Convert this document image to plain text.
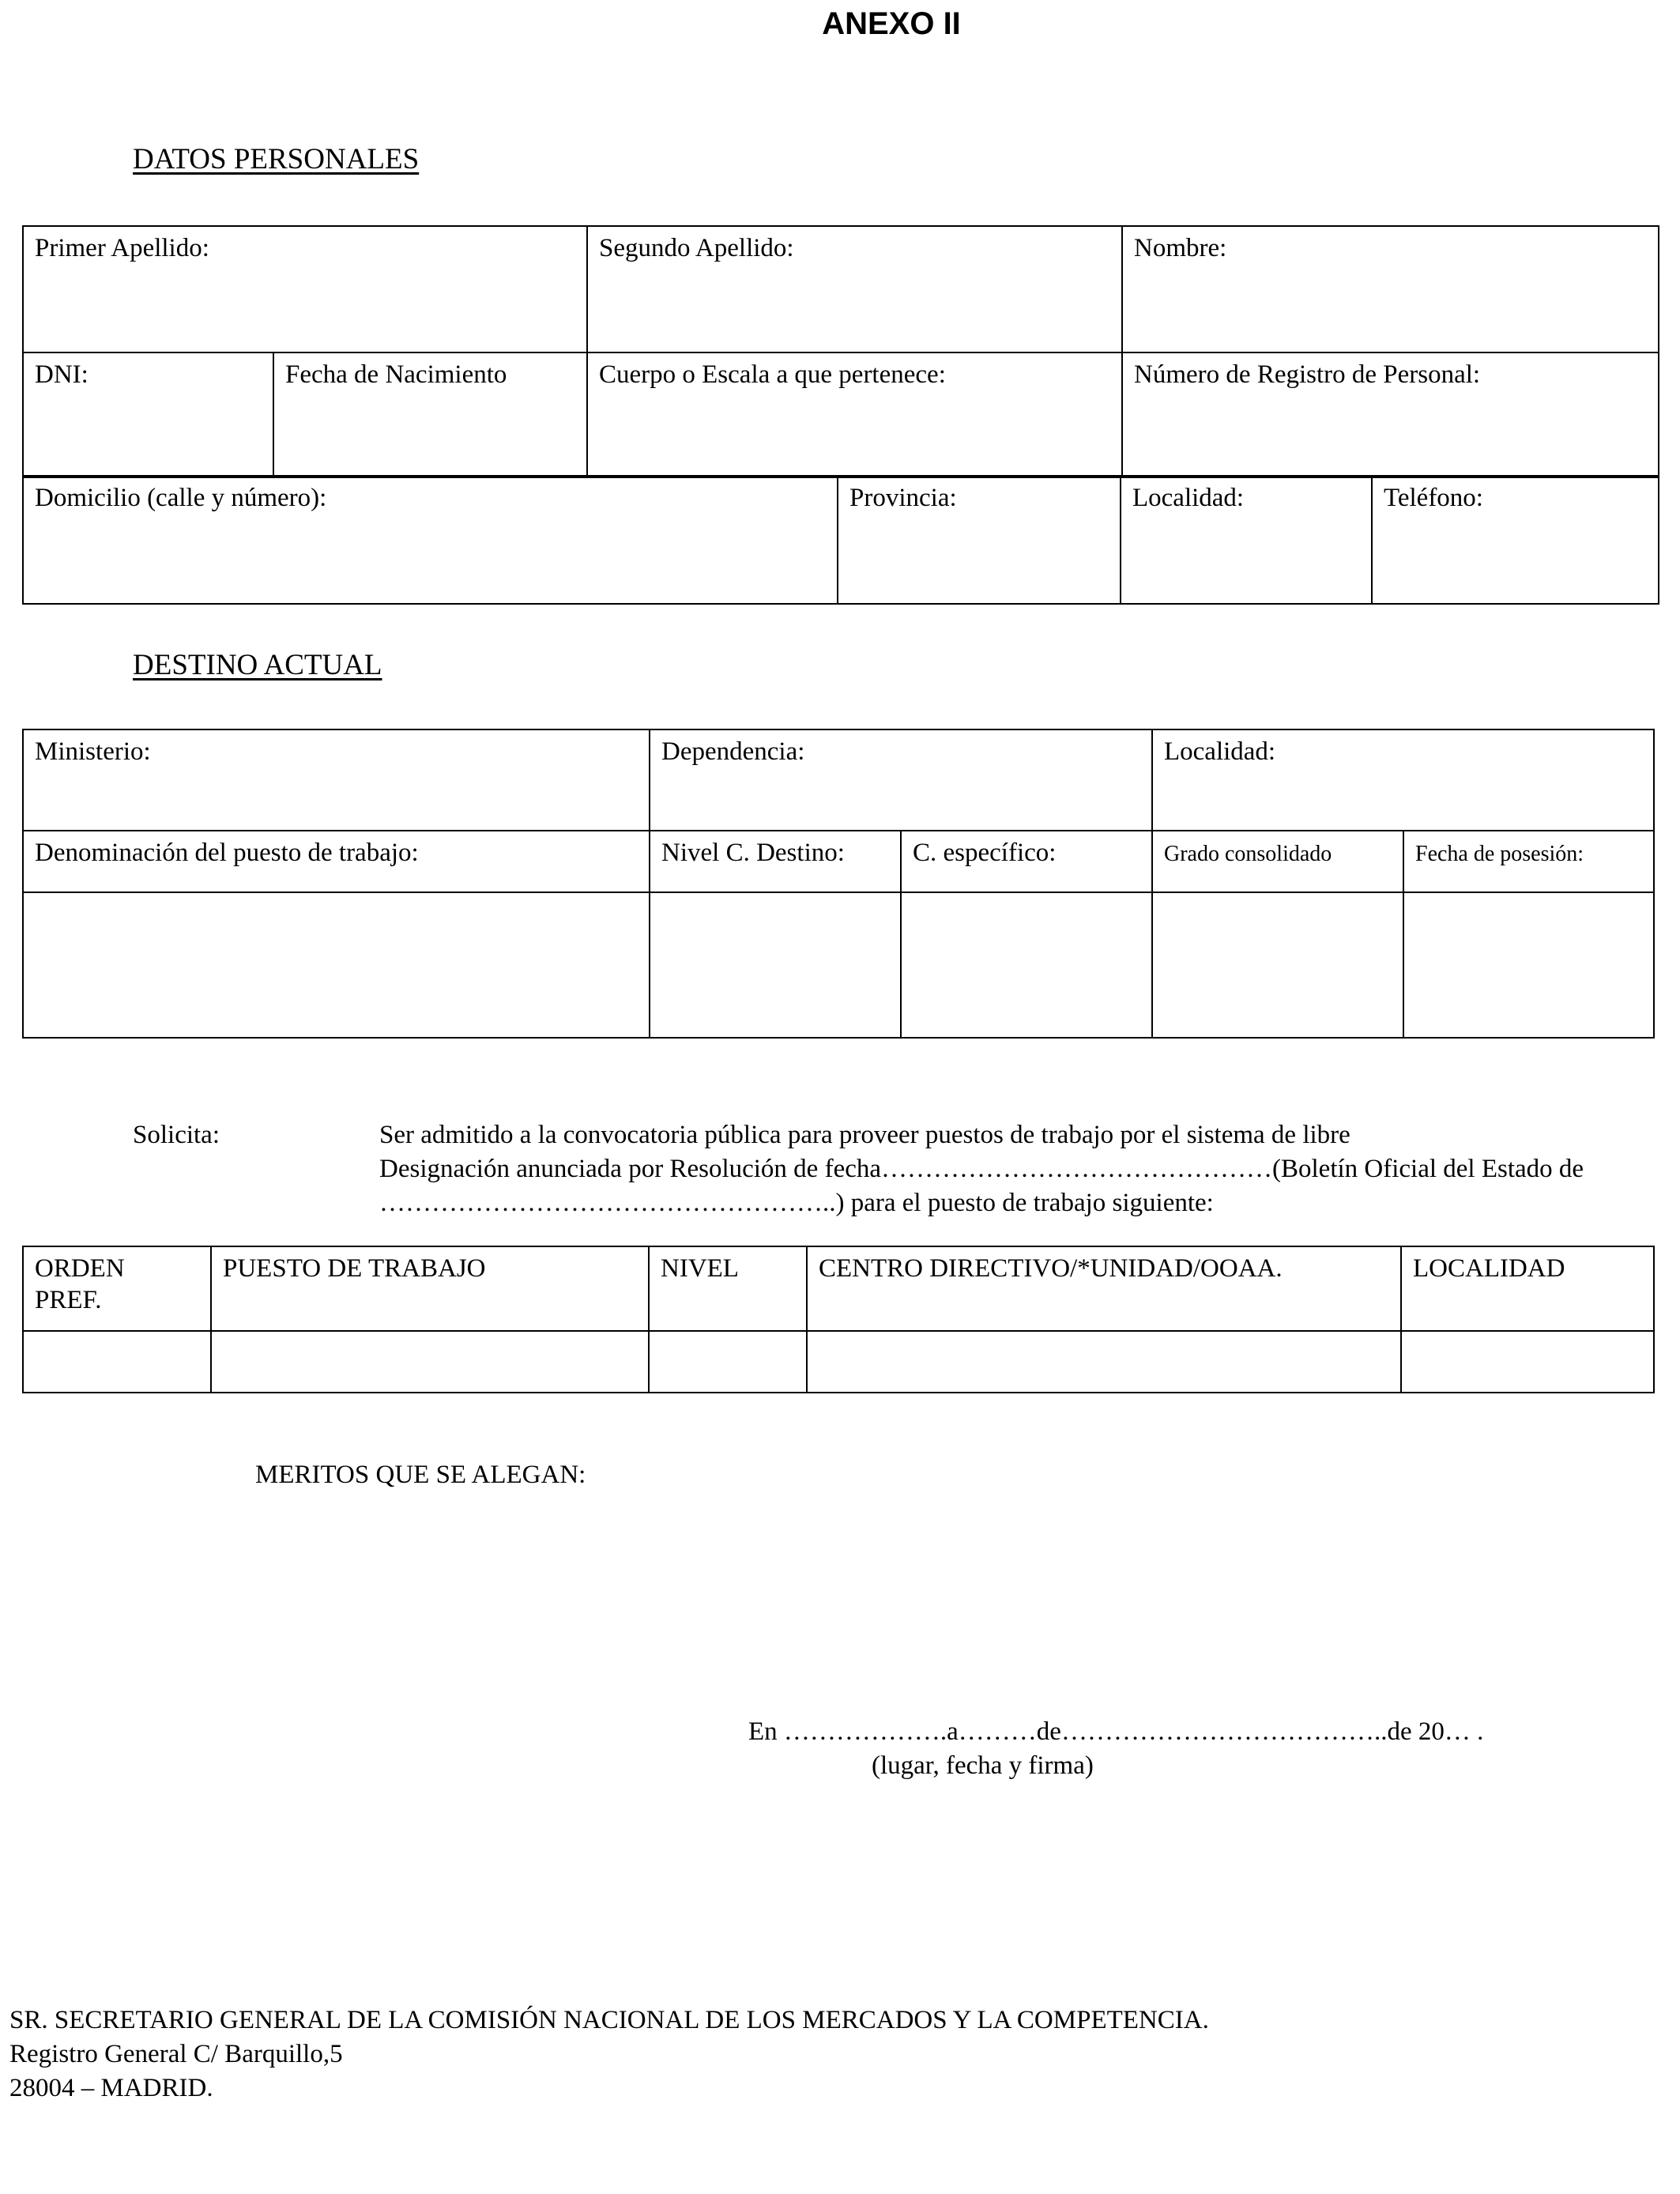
ANEXO II
DATOS PERSONALES
Primer Apellido:		Segundo Apellido:	Nombre:
DNI:	Fecha de Nacimiento	Cuerpo o Escala a que pertenece:	Número de Registro de Personal:
Domicilio (calle y número):	Provincia:	Localidad:	Teléfono:
DESTINO ACTUAL
Ministerio:	Dependencia:		Localidad:	
Denominación del puesto de trabajo:	Nivel C. Destino:	C. específico:	Grado consolidado	Fecha de posesión:

Solicita:	Ser admitido a la convocatoria pública para proveer puestos de trabajo por el sistema de libre
Designación anunciada por Resolución de fecha………………………………………(Boletín Oficial del Estado de
……………………………………………..) para el puesto de trabajo siguiente:
ORDEN
PREF.	PUESTO DE TRABAJO	NIVEL	CENTRO DIRECTIVO/*UNIDAD/OOAA.	LOCALIDAD

MERITOS QUE SE ALEGAN:
En ……………….a………de………………………………..de 20… .
(lugar, fecha y firma)
SR. SECRETARIO GENERAL DE LA COMISIÓN NACIONAL DE LOS MERCADOS Y LA COMPETENCIA.
Registro General C/ Barquillo,5
28004 – MADRID.
